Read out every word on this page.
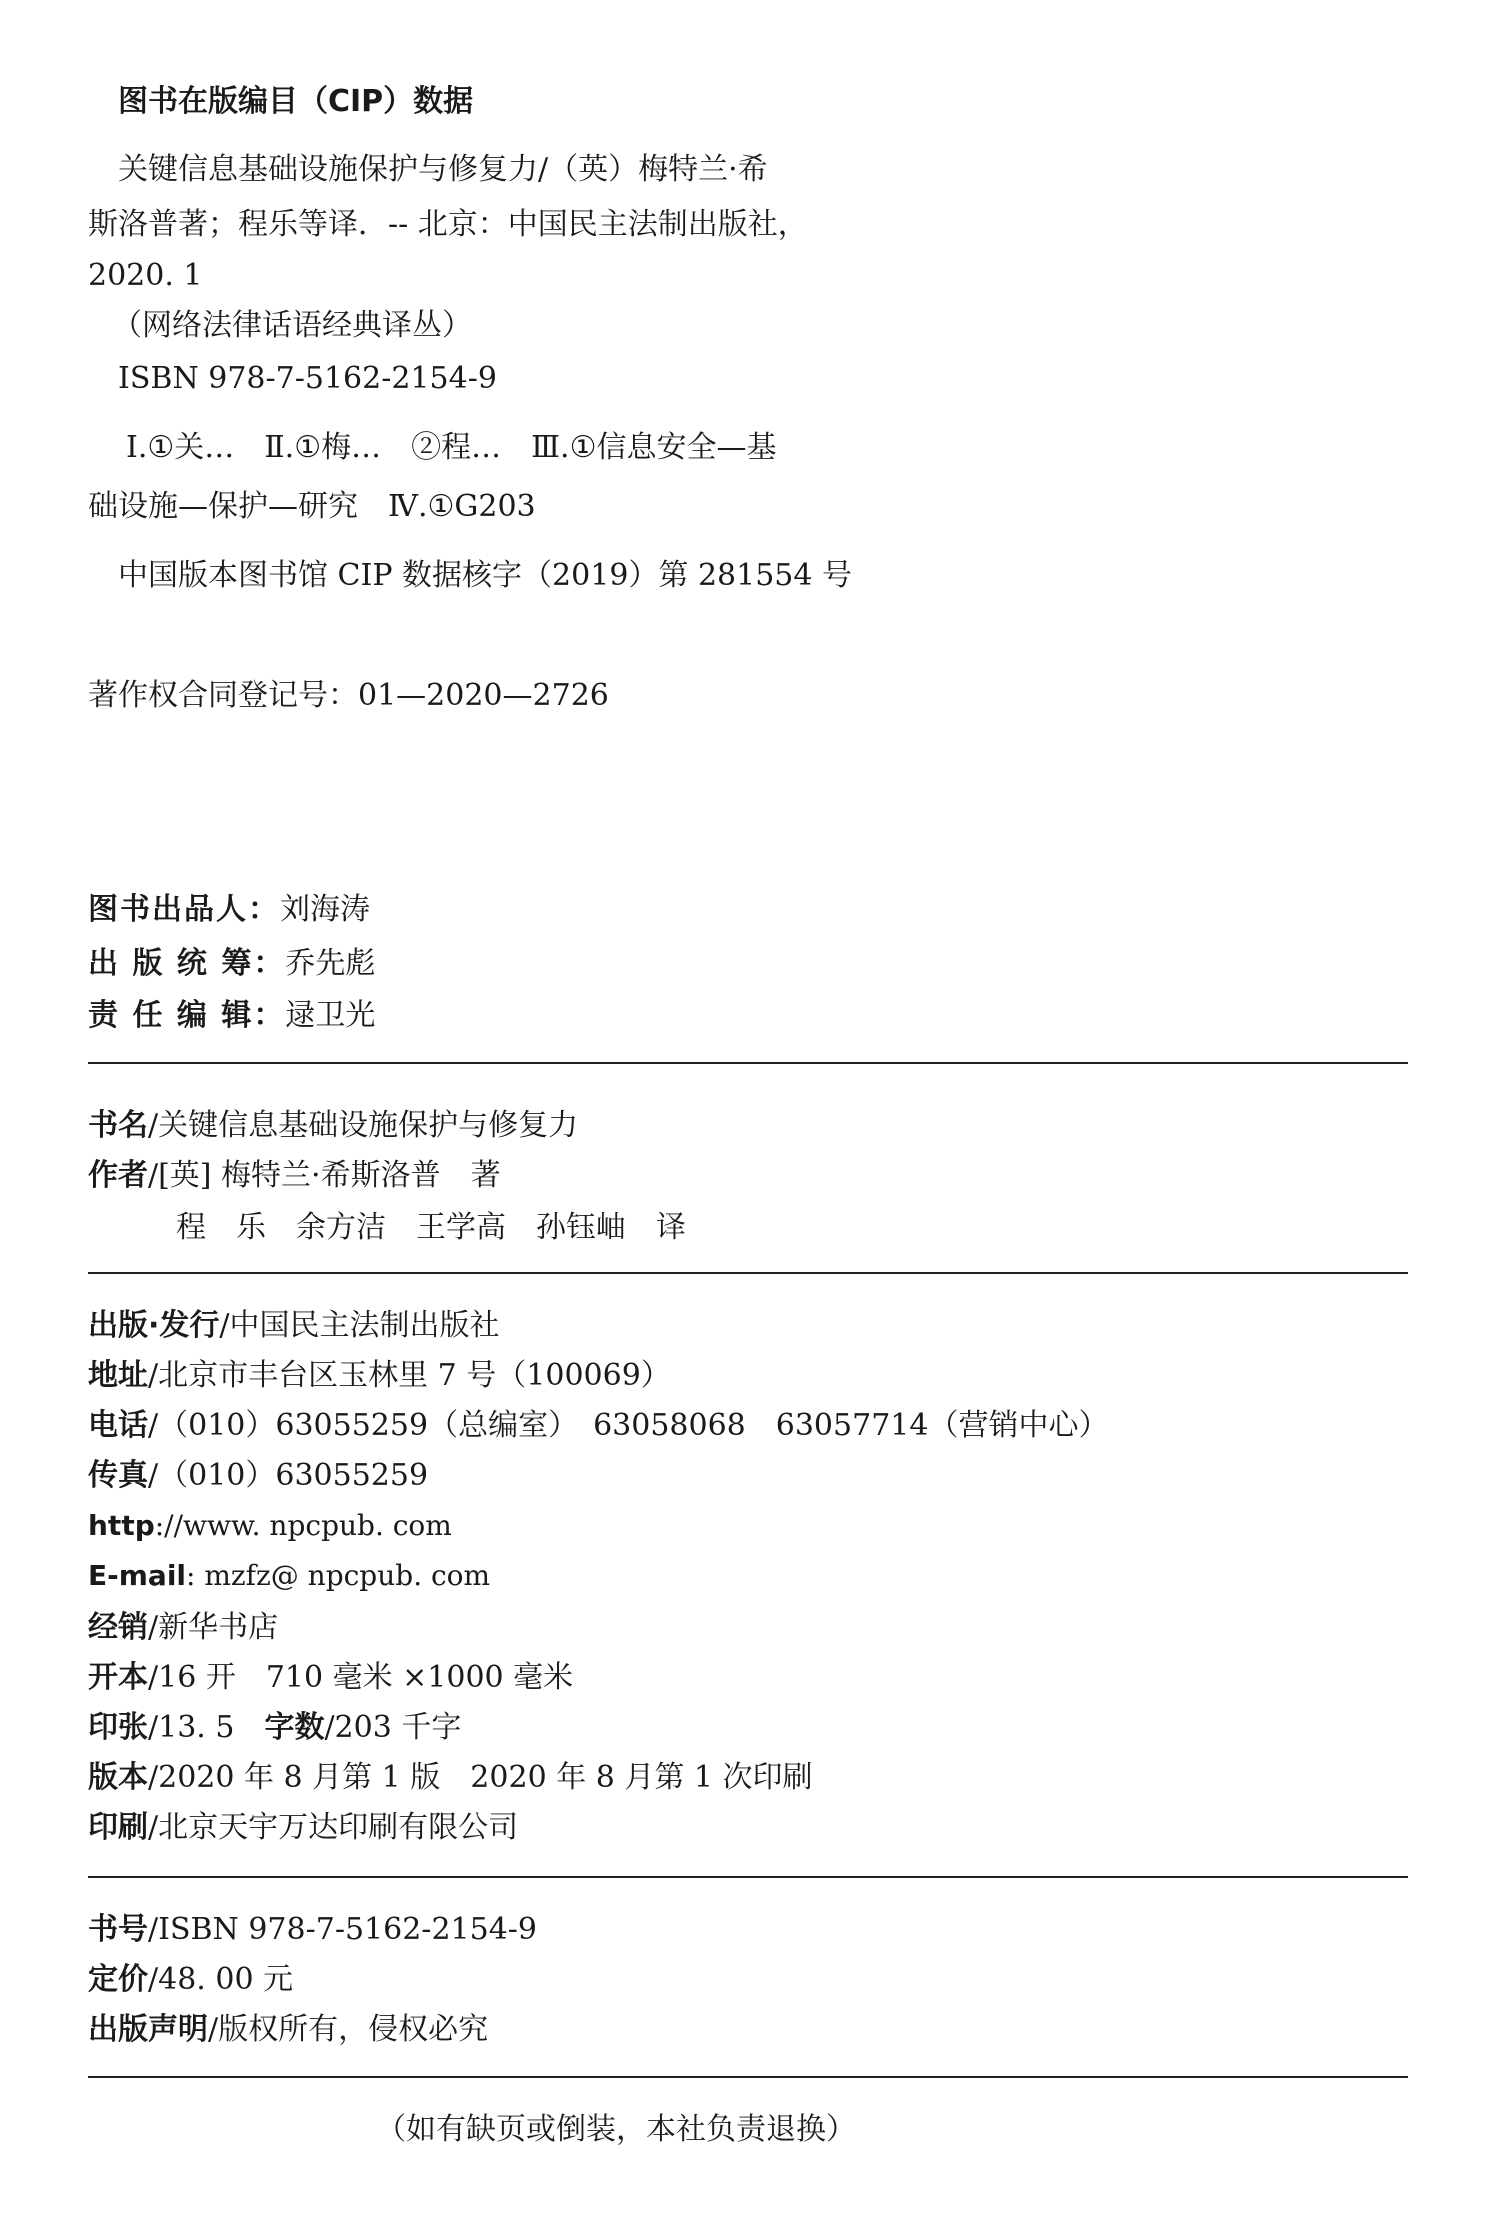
图书在版编目（CIP）数据
关键信息基础设施保护与修复力/（英）梅特兰·希
斯洛普著；程乐等译．-- 北京：中国民主法制出版社，
2020. 1
（网络法律话语经典译丛）
ISBN 978-7-5162-2154-9
Ⅰ.①关…　Ⅱ.①梅…　②程…　Ⅲ.①信息安全—基
础设施—保护—研究　Ⅳ.①G203
中国版本图书馆 CIP 数据核字（2019）第 281554 号
著作权合同登记号：01—2020—2726
图书出品人：刘海涛
出 版 统 筹：乔先彪
责 任 编 辑：逯卫光
书名/关键信息基础设施保护与修复力
作者/[英] 梅特兰·希斯洛普　著
程　乐　余方洁　王学高　孙钰岫　译
出版·发行/中国民主法制出版社
地址/北京市丰台区玉林里 7 号（100069）
电话/（010）63055259（总编室）　63058068　63057714（营销中心）
传真/（010）63055259
http://www. npcpub. com
E-mail: mzfz@ npcpub. com
经销/新华书店
开本/16 开　710 毫米 ×1000 毫米
印张/13. 5　字数/203 千字
版本/2020 年 8 月第 1 版　2020 年 8 月第 1 次印刷
印刷/北京天宇万达印刷有限公司
书号/ISBN 978-7-5162-2154-9
定价/48. 00 元
出版声明/版权所有，侵权必究
（如有缺页或倒装，本社负责退换）
